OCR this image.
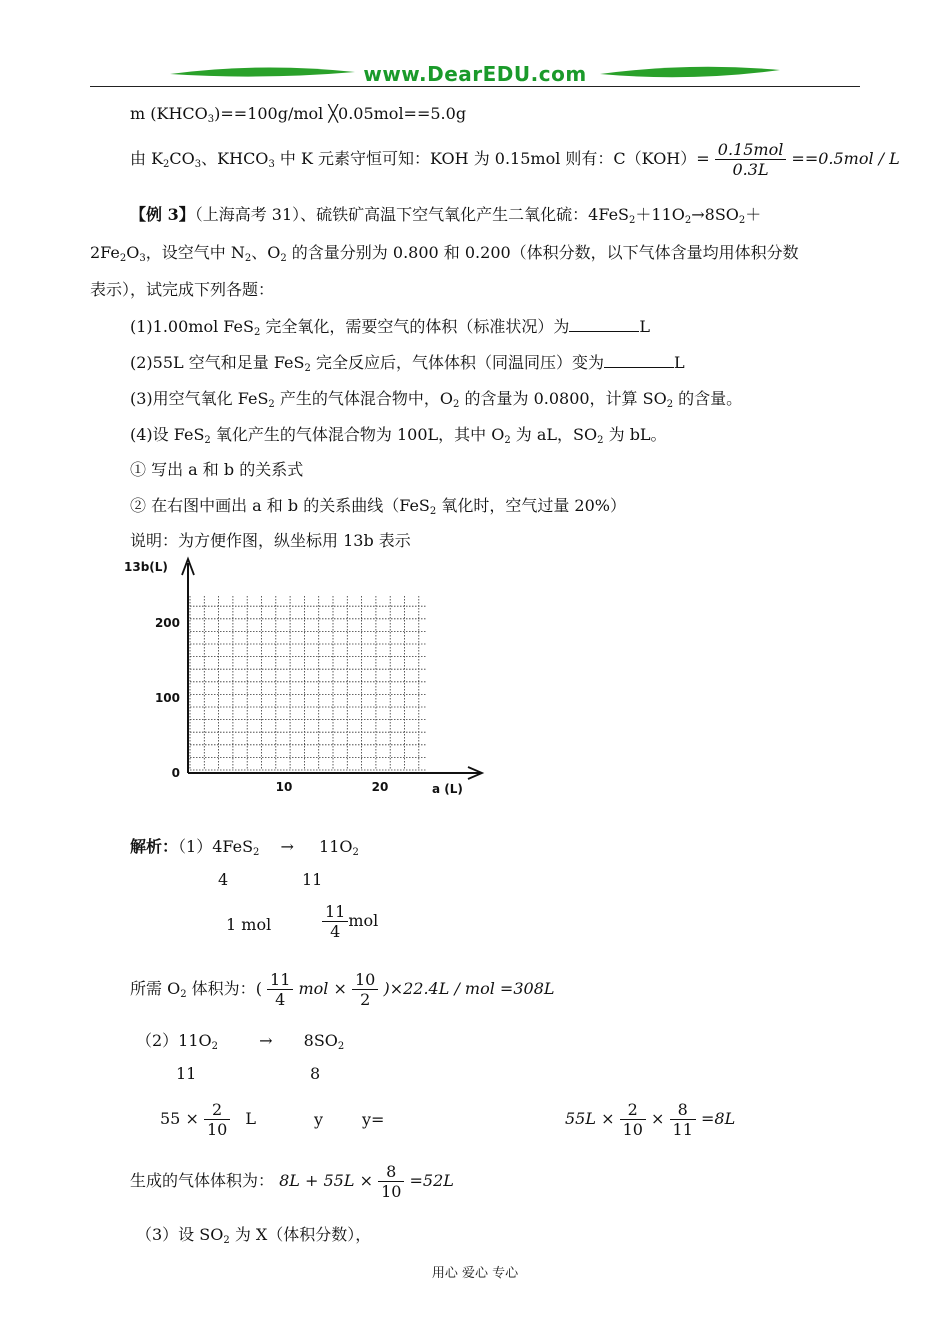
www.DearEDU.com
m $(KHCO_3)==100g$/mol ╳0.05mol==5.0g
由 $K_2CO_3$、$KHCO_3$ 中 K 元素守恒可知：KOH 为 0.15mol 则有：$C(KOH)= \frac{\text{0.15mol}}{0.3L} ==0.5mol / L$
【例 3】（上海高考 31）、硫铁矿高温下空气氧化产生二氧化硫：$4FeS_2+11O_2\to 8SO_2+$
$2Fe_2O_3$，设空气中 $N_2$、$O_2$ 的含量分别为 0.800 和 0.200（体积分数，以下气体含量均用体积分数
表示），试完成下列各题：
(1)1.00mol FeS$_2$ 完全氧化，需要空气的体积（标准状况）为	L
(2)55L 空气和足量 FeS$_2$ 完全反应后，气体体积（同温同压）变为	L
(3)用空气氧化 FeS$_2$ 产生的气体混合物中，$O_2$ 的含量为 0.0800，计算 $SO_2$ 的含量。
(4)设 FeS$_2$ 氧化产生的气体混合物为 100L，其中 $O_2$ 为 aL，$SO_2$ 为 bL。
① 写出 a 和 b 的关系式
② 在右图中画出 a 和 b 的关系曲线（FeS$_2$ 氧化时，空气过量 20%）
说明：为方便作图，纵坐标用 13b 表示
13b(L)
a (L)
0
100
200
10	20
解析：$(1)4FeS_2 \to 11O_2$
4	11
1 mol	$\frac{11}{4}$ mol
所需 $O_2$ 体积为：( $\frac{11}{4}$ mol × $\frac{10}{2} )\times 22.4L$ / mol =308L
$(2)11O_2$	→ $8SO_2$
11	8
$55 \times \frac{2}{10}$ L	y y=	$55L \times \frac{2}{10} \times \frac{8}{11} =8L$
生成的气体体积为： $8L + 55L \times \frac{8}{10} =52L$
（3）设 $SO_2$ 为 X（体积分数），
用心 爱心 专心
